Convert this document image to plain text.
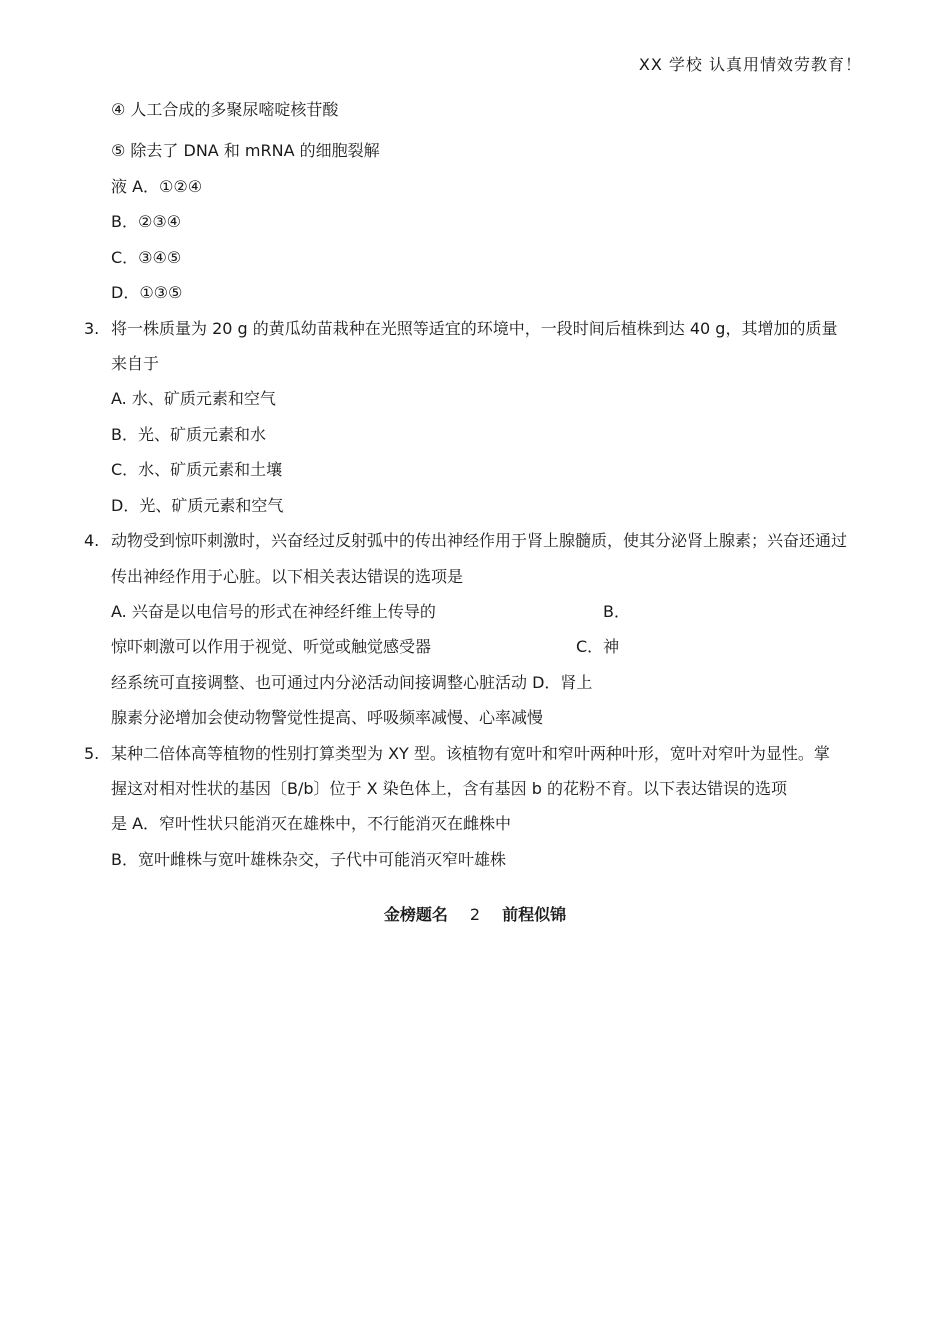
XX 学校 认真用情效劳教育！
④ 人工合成的多聚尿嘧啶核苷酸
⑤ 除去了 DNA 和 mRNA 的细胞裂解
液 A．①②④
B．②③④
C．③④⑤
D．①③⑤
3. 将一株质量为 20 g 的黄瓜幼苗栽种在光照等适宜的环境中，一段时间后植株到达 40 g，其增加的质量
来自于
A. 水、矿质元素和空气
B．光、矿质元素和水
C．水、矿质元素和土壤
D．光、矿质元素和空气
4. 动物受到惊吓刺激时，兴奋经过反射弧中的传出神经作用于肾上腺髓质，使其分泌肾上腺素；兴奋还通过
传出神经作用于心脏。以下相关表达错误的选项是
A. 兴奋是以电信号的形式在神经纤维上传导的	B．
惊吓刺激可以作用于视觉、听觉或触觉感受器	C．神
经系统可直接调整、也可通过内分泌活动间接调整心脏活动 D．肾上
腺素分泌增加会使动物警觉性提高、呼吸频率减慢、心率减慢
5. 某种二倍体高等植物的性别打算类型为 XY 型。该植物有宽叶和窄叶两种叶形，宽叶对窄叶为显性。掌
握这对相对性状的基因〔B/b〕位于 X 染色体上，含有基因 b 的花粉不育。以下表达错误的选项
是 A．窄叶性状只能消灭在雄株中，不行能消灭在雌株中
B．宽叶雌株与宽叶雄株杂交，子代中可能消灭窄叶雄株
金榜题名 2 前程似锦
